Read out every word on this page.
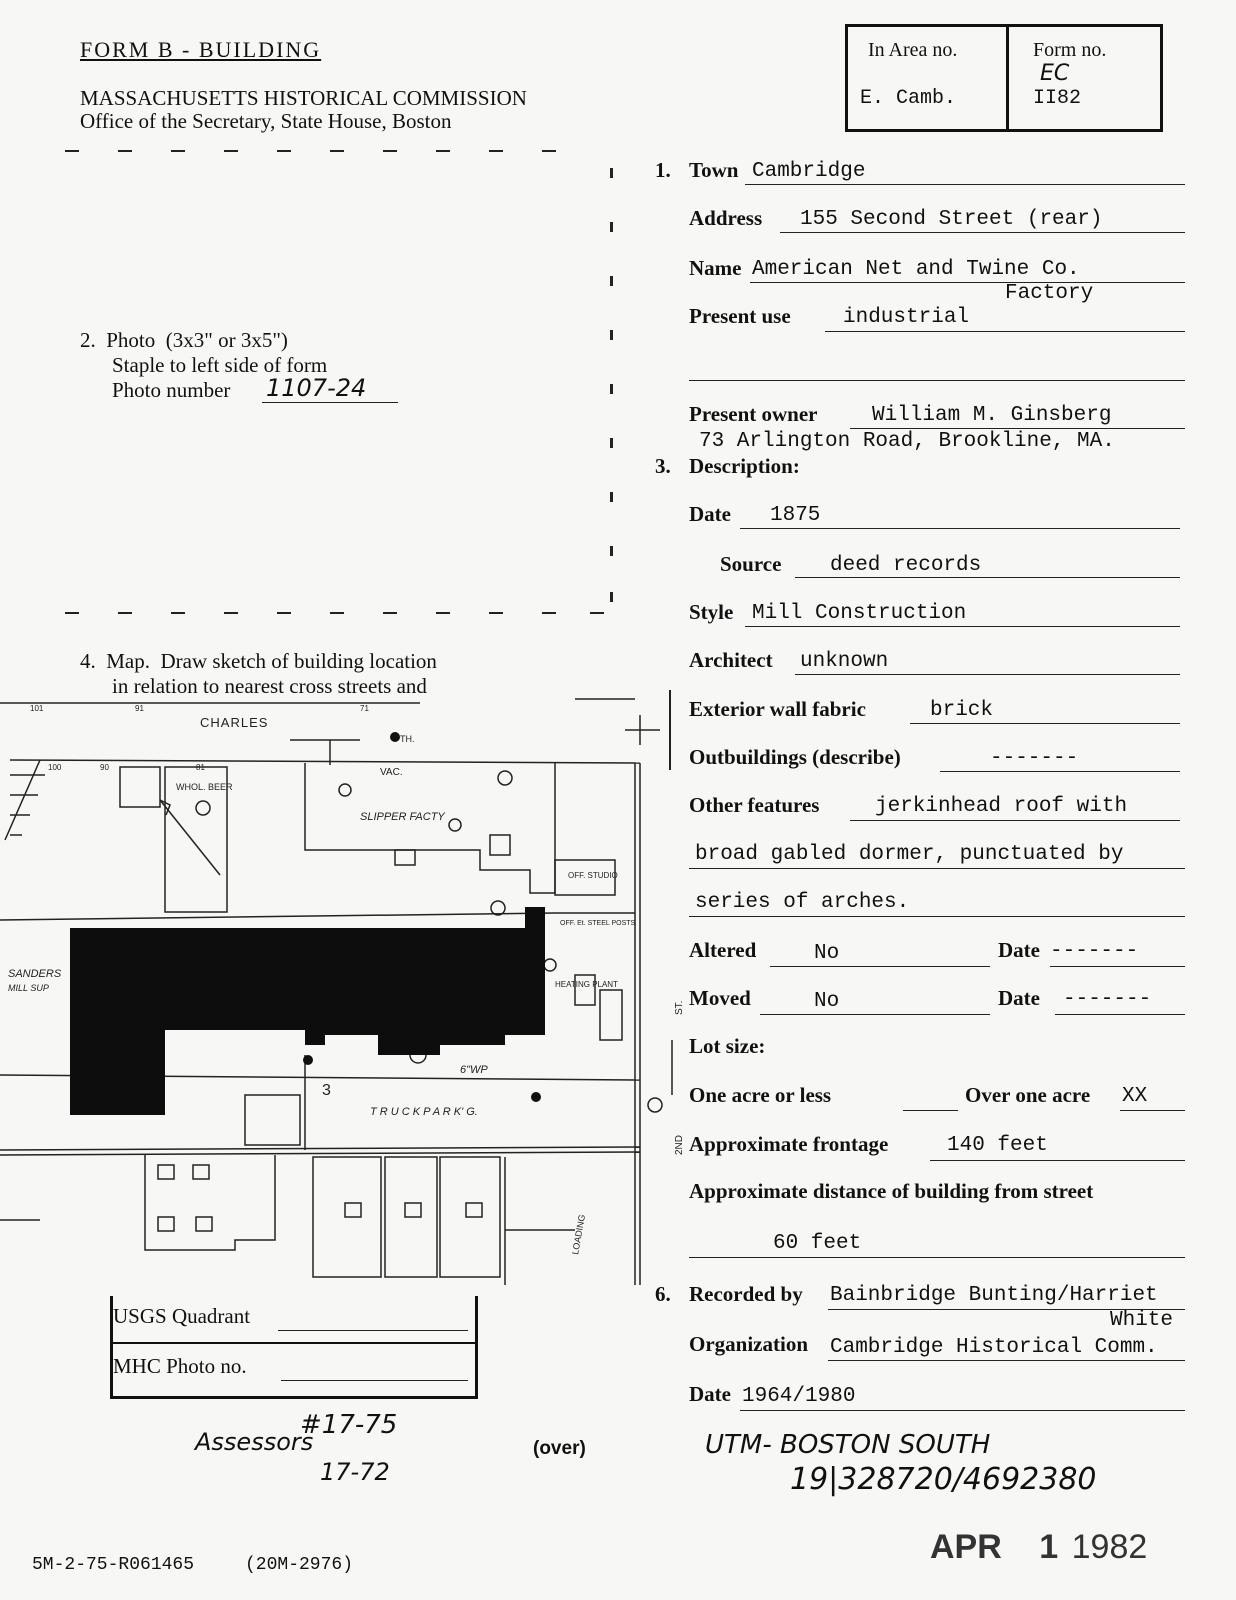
FORM B - BUILDING
MASSACHUSETTS HISTORICAL COMMISSION
Office of the Secretary, State House, Boston
In Area no.
E. Camb.
Form no.
EC
II82
2.  Photo  (3x3" or 3x5")
Staple to left side of form
Photo number 1107-24
4.  Map.  Draw sketch of building location
in relation to nearest cross streets and
CHARLES
WHOL. BEER
VAC.
SLIPPER FACTY
TH.
3
T R U C K P A R K' G.
SANDERS
MILL SUP
6"WP
OFF. STUDIO
HEATING PLANT
OFF. Et. STEEL POSTS
LOADING
2ND
ST.
101	91	71
100	90	81
USGS Quadrant
MHC Photo no.
Assessors
#17-75
17-72
(over)	UTM- BOSTON SOUTH
19|328720/4692380
5M-2-75-R061465	(20M-2976)	APR 1 1982
1. Town Cambridge
Address 155 Second Street (rear)
Name American Net and Twine Co.
Factory
Present use industrial
Present owner	William M. Ginsberg
73 Arlington Road, Brookline, MA.
3. Description:
Date 1875
Source deed records
Style Mill Construction
Architect unknown
Exterior wall fabric	brick
Outbuildings (describe)	-------
Other features	jerkinhead roof with
broad gabled dormer, punctuated by
series of arches.
Altered	No	Date -------
Moved	No	Date -------
Lot size:
One acre or less	Over one acre XX
Approximate frontage	140 feet
Approximate distance of building from street
60 feet
6. Recorded by Bainbridge Bunting/Harriet
White
Organization Cambridge Historical Comm.
Date 1964/1980
